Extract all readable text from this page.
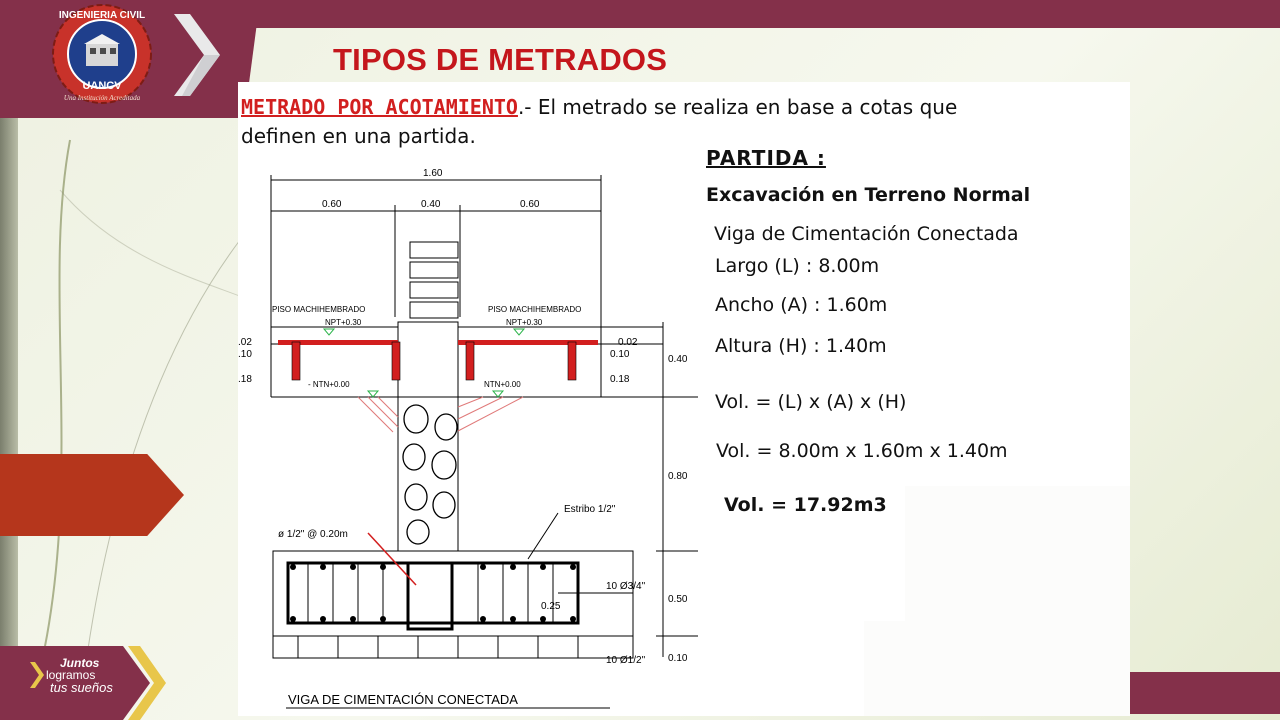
INGENIERIA CIVIL
UANCV
Una Institución Acreditada
Juntos
logramos
tus sueños
TIPOS DE METRADOS
METRADO POR ACOTAMIENTO.- El metrado se realiza en base a cotas que
definen en una partida.
PARTIDA :
Excavación en Terreno Normal
Viga de Cimentación Conectada
Largo (L) : 8.00m
Ancho (A) : 1.60m
Altura (H) : 1.40m
Vol. = (L) x (A) x (H)
Vol. = 8.00m x 1.60m x 1.40m
Vol. = 17.92m3
1.60
0.60	0.40	0.60
PISO MACHIHEMBRADO	PISO MACHIHEMBRADO
NPT+0.30	NPT+0.30
- NTN+0.00	NTN+0.00
.02
.10
.18
0.02
0.10
0.18
0.40
0.80
0.50
0.10
Estribo 1/2"
ø 1/2" @ 0.20m
10 Ø3/4"
10 Ø1/2"
0.25
VIGA DE CIMENTACIÓN CONECTADA
